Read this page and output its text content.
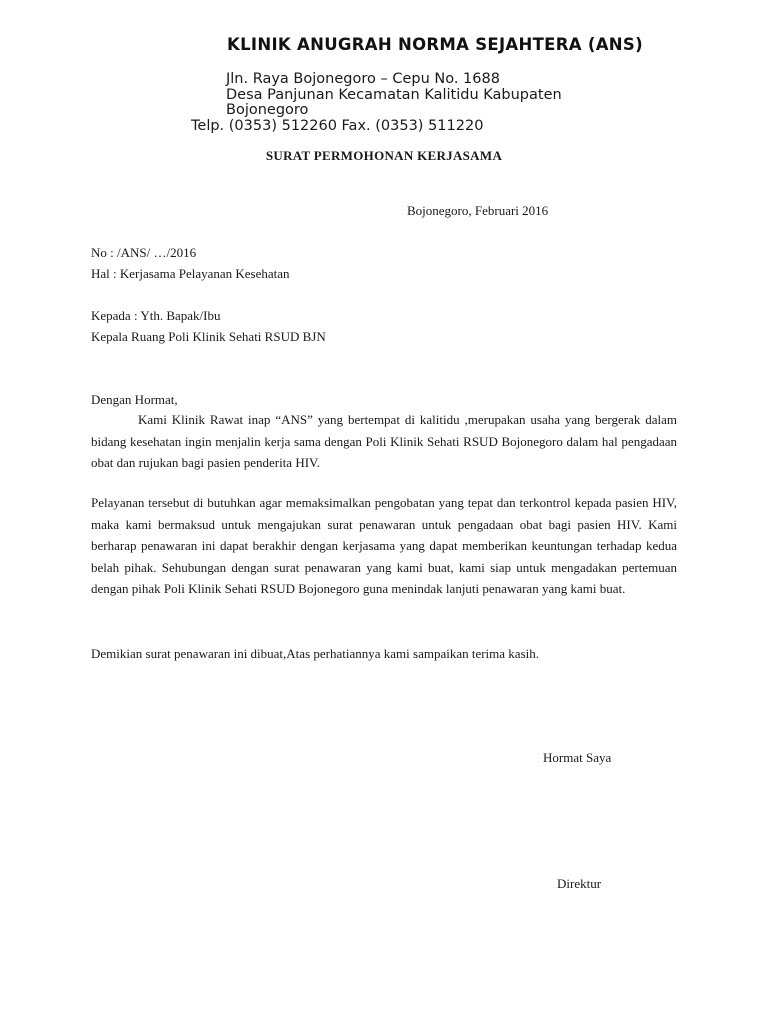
KLINIK ANUGRAH NORMA SEJAHTERA (ANS)
Jln. Raya Bojonegoro – Cepu No. 1688
Desa Panjunan Kecamatan Kalitidu Kabupaten
Bojonegoro
Telp. (0353) 512260 Fax. (0353) 511220
SURAT PERMOHONAN KERJASAMA
Bojonegoro, Februari 2016
No : /ANS/ …/2016
Hal : Kerjasama Pelayanan Kesehatan
Kepada : Yth. Bapak/Ibu
Kepala Ruang Poli Klinik Sehati RSUD BJN
Dengan Hormat,
Kami Klinik Rawat inap “ANS” yang bertempat di kalitidu ,merupakan usaha yang bergerak dalam bidang kesehatan ingin menjalin kerja sama dengan Poli Klinik Sehati RSUD Bojonegoro dalam hal pengadaan obat dan rujukan bagi pasien penderita HIV.
Pelayanan tersebut di butuhkan agar memaksimalkan pengobatan yang tepat dan terkontrol kepada pasien HIV, maka kami bermaksud untuk mengajukan surat penawaran untuk pengadaan obat bagi pasien HIV. Kami berharap penawaran ini dapat berakhir dengan kerjasama yang dapat memberikan keuntungan terhadap kedua belah pihak. Sehubungan dengan surat penawaran yang kami buat, kami siap untuk mengadakan pertemuan dengan pihak Poli Klinik Sehati RSUD Bojonegoro guna menindak lanjuti penawaran yang kami buat.
Demikian surat penawaran ini dibuat,Atas perhatiannya kami sampaikan terima kasih.
Hormat Saya
Direktur
